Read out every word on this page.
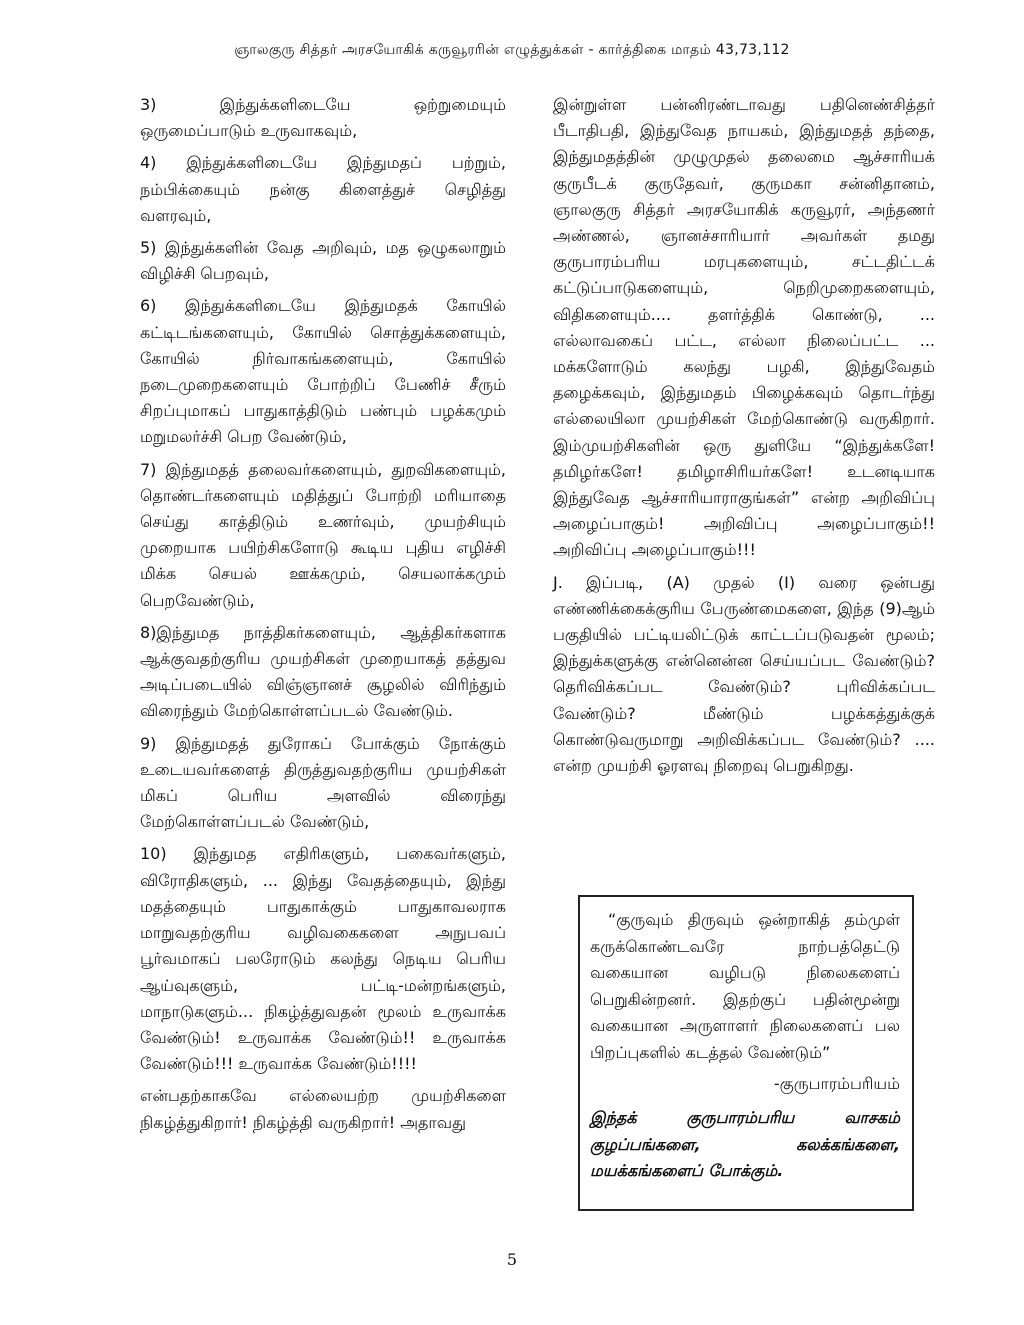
ஞாலகுரு சித்தர் அரசயோகிக் கருவூரரின் எழுத்துக்கள் - கார்த்திகை மாதம் 43,73,112

3) இந்துக்களிடையே ஒற்றுமையும் ஒருமைப்பாடும் உருவாகவும்,

4) இந்துக்களிடையே இந்துமதப் பற்றும், நம்பிக்கையும் நன்கு கிளைத்துச் செழித்து வளரவும்,

5) இந்துக்களின் வேத அறிவும், மத ஒழுகலாறும் விழிச்சி பெறவும்,

6) இந்துக்களிடையே இந்துமதக் கோயில் கட்டிடங்களையும், கோயில் சொத்துக்களையும், கோயில் நிர்வாகங்களையும், கோயில் நடைமுறைகளையும் போற்றிப் பேணிச் சீரும் சிறப்புமாகப் பாதுகாத்திடும் பண்பும் பழக்கமும் மறுமலர்ச்சி பெற வேண்டும்,

7) இந்துமதத் தலைவர்களையும், துறவிகளையும், தொண்டர்களையும் மதித்துப் போற்றி மரியாதை செய்து காத்திடும் உணர்வும், முயற்சியும் முறையாக பயிற்சிகளோடு கூடிய புதிய எழிச்சி மிக்க செயல் ஊக்கமும், செயலாக்கமும் பெறவேண்டும்,

8)இந்துமத நாத்திகர்களையும், ஆத்திகர்களாக ஆக்குவதற்குரிய முயற்சிகள் முறையாகத் தத்துவ அடிப்படையில் விஞ்ஞானச் சூழலில் விரிந்தும் விரைந்தும் மேற்கொள்ளப்படல் வேண்டும்.

9) இந்துமதத் துரோகப் போக்கும் நோக்கும் உடையவர்களைத் திருத்துவதற்குரிய முயற்சிகள் மிகப் பெரிய அளவில் விரைந்து மேற்கொள்ளப்படல் வேண்டும்,

10) இந்துமத எதிரிகளும், பகைவர்களும், விரோதிகளும், ... இந்து வேதத்தையும், இந்து மதத்தையும் பாதுகாக்கும் பாதுகாவலராக மாறுவதற்குரிய வழிவகைகளை அநுபவப் பூர்வமாகப் பலரோடும் கலந்து நெடிய பெரிய ஆய்வுகளும், பட்டி-மன்றங்களும், மாநாடுகளும்... நிகழ்த்துவதன் மூலம் உருவாக்க வேண்டும்! உருவாக்க வேண்டும்!! உருவாக்க வேண்டும்!!! உருவாக்க வேண்டும்!!!!

என்பதற்காகவே எல்லையற்ற முயற்சிகளை நிகழ்த்துகிறார்! நிகழ்த்தி வருகிறார்! அதாவது

இன்றுள்ள பன்னிரண்டாவது பதினெண்சித்தர் பீடாதிபதி, இந்துவேத நாயகம், இந்துமதத் தந்தை, இந்துமதத்தின் முழுமுதல் தலைமை ஆச்சாரியக் குருபீடக் குருதேவர், குருமகா சன்னிதானம், ஞாலகுரு சித்தர் அரசயோகிக் கருவூரர், அந்தணர் அண்ணல், ஞானச்சாரியார் அவர்கள் தமது குருபாரம்பரிய மரபுகளையும், சட்டதிட்டக் கட்டுப்பாடுகளையும், நெறிமுறைகளையும், விதிகளையும்.... தளர்த்திக் கொண்டு, ... எல்லாவகைப் பட்ட, எல்லா நிலைப்பட்ட ... மக்களோடும் கலந்து பழகி, இந்துவேதம் தழைக்கவும், இந்துமதம் பிழைக்கவும் தொடர்ந்து எல்லையிலா முயற்சிகள் மேற்கொண்டு வருகிறார். இம்முயற்சிகளின் ஒரு துளியே “இந்துக்களே! தமிழர்களே! தமிழாசிரியர்களே! உடனடியாக இந்துவேத ஆச்சாரியாராகுங்கள்” என்ற அறிவிப்பு அழைப்பாகும்! அறிவிப்பு அழைப்பாகும்!! அறிவிப்பு அழைப்பாகும்!!!

J. இப்படி, (A) முதல் (I) வரை ஒன்பது எண்ணிக்கைக்குரிய பேருண்மைகளை, இந்த (9)ஆம் பகுதியில் பட்டியலிட்டுக் காட்டப்படுவதன் மூலம்; இந்துக்களுக்கு என்னென்ன செய்யப்பட வேண்டும்? தெரிவிக்கப்பட வேண்டும்? புரிவிக்கப்பட வேண்டும்? மீண்டும் பழக்கத்துக்குக் கொண்டுவருமாறு அறிவிக்கப்பட வேண்டும்? .... என்ற முயற்சி ஓரளவு நிறைவு பெறுகிறது.

“குருவும் திருவும் ஒன்றாகித் தம்முள் கருக்கொண்டவரே நாற்பத்தெட்டு வகையான வழிபடு நிலைகளைப் பெறுகின்றனர். இதற்குப் பதின்மூன்று வகையான அருளாளர் நிலைகளைப் பல பிறப்புகளில் கடத்தல் வேண்டும்”
-குருபாரம்பரியம்
இந்தக் குருபாரம்பரிய வாசகம் குழப்பங்களை, கலக்கங்களை, மயக்கங்களைப் போக்கும்.
5
